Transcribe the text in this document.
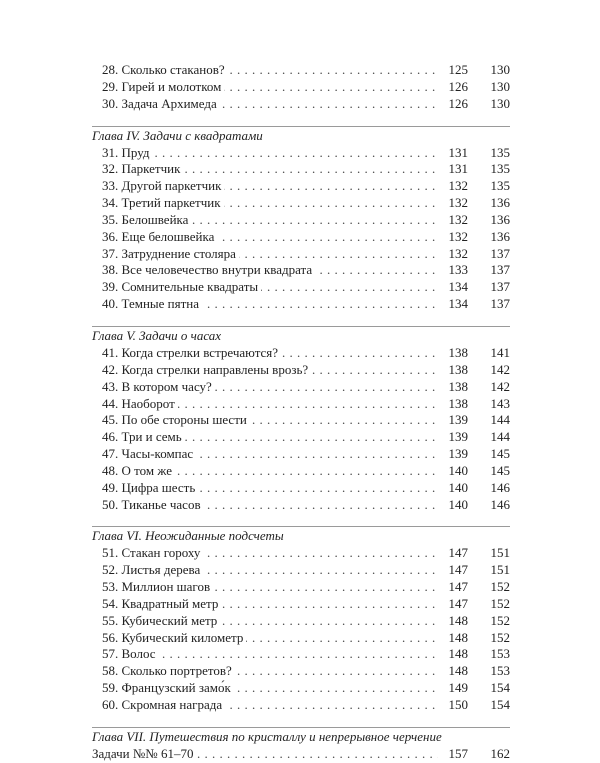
28. Сколько стаканов? . . .	125	130
29. Гирей и молотком . . .	126	130
30. Задача Архимеда . . .	126	130
Глава IV. Задачи с квадратами
31. Пруд . . .	131	135
32. Паркетчик . . .	131	135
33. Другой паркетчик . . .	132	135
34. Третий паркетчик . . .	132	136
35. Белошвейка . . .	132	136
36. Еще белошвейка . . .	132	136
37. Затруднение столяра . . .	132	137
38. Все человечество внутри квадрата . . .	133	137
39. Сомнительные квадраты . . .	134	137
40. Темные пятна . . .	134	137
Глава V. Задачи о часах
41. Когда стрелки встречаются? . . .	138	141
42. Когда стрелки направлены врозь? . . .	138	142
43. В котором часу? . . .	138	142
44. Наоборот . . .	138	143
45. По обе стороны шести . . .	139	144
46. Три и семь . . .	139	144
47. Часы-компас . . .	139	145
48. О том же . . .	140	145
49. Цифра шесть . . .	140	146
50. Тиканье часов . . .	140	146
Глава VI. Неожиданные подсчеты
51. Стакан гороху . . .	147	151
52. Листья дерева . . .	147	151
53. Миллион шагов . . .	147	152
54. Квадратный метр . . .	147	152
55. Кубический метр . . .	148	152
56. Кубический километр . . .	148	152
57. Волос . . .	148	153
58. Сколько портретов? . . .	148	153
59. Французский замо́к . . .	149	154
60. Скромная награда . . .	150	154
Глава VII. Путешествия по кристаллу и непрерывное черчение
Задачи №№ 61–70 . . .	157	162
